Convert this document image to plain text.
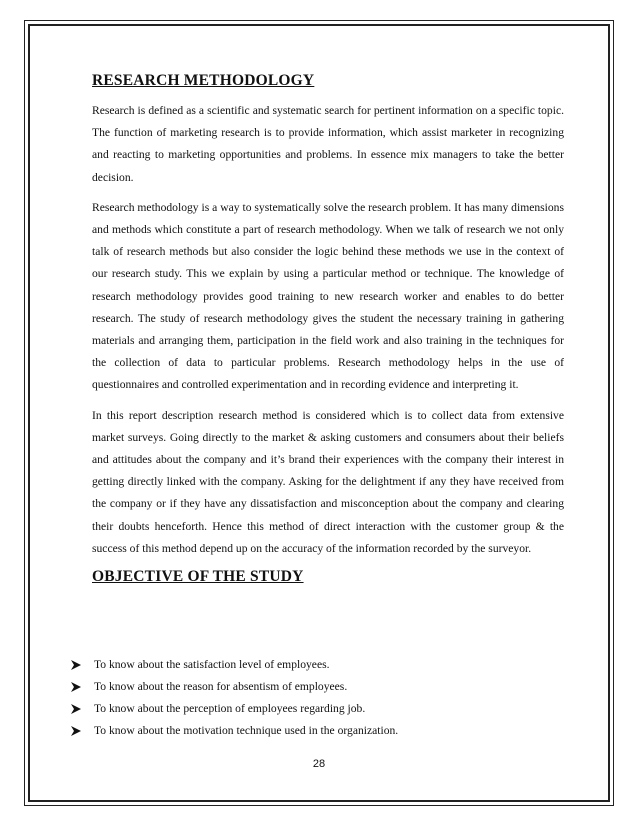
RESEARCH METHODOLOGY

Research is defined as a scientific and systematic search for pertinent information on a specific topic. The function of marketing research is to provide information, which assist marketer in recognizing and reacting to marketing opportunities and problems. In essence mix managers to take the better decision.

Research methodology is a way to systematically solve the research problem. It has many dimensions and methods which constitute a part of research methodology. When we talk of research we not only talk of research methods but also consider the logic behind these methods we use in the context of our research study. This we explain by using a particular method or technique. The knowledge of research methodology provides good training to new research worker and enables to do better research. The study of research methodology gives the student the necessary training in gathering materials and arranging them, participation in the field work and also training in the techniques for the collection of data to particular problems. Research methodology helps in the use of questionnaires and controlled experimentation and in recording evidence and interpreting it.

In this report description research method is considered which is to collect data from extensive market surveys. Going directly to the market & asking customers and consumers about their beliefs and attitudes about the company and it’s brand their experiences with the company their interest in getting directly linked with the company. Asking for the delightment if any they have received from the company or if they have any dissatisfaction and misconception about the company and clearing their doubts henceforth. Hence this method of direct interaction with the customer group & the success of this method depend up on the accuracy of the information recorded by the surveyor.

OBJECTIVE OF THE STUDY
To know about the satisfaction level of employees.
To know about the reason for absentism of employees.
To know about the perception of employees regarding job.
To know about the motivation technique used in the organization.
28
